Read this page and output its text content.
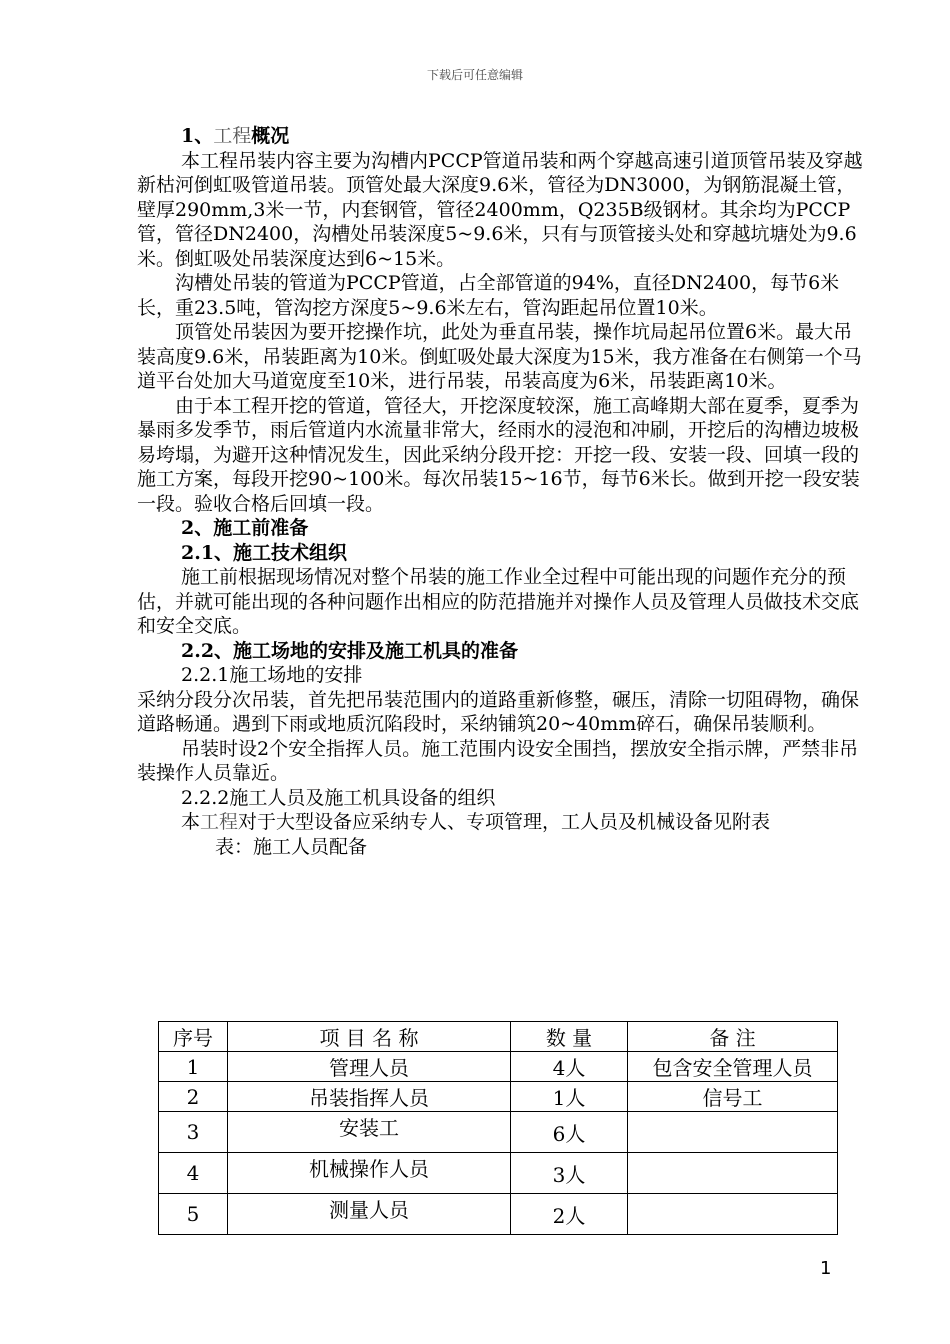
下载后可任意编辑

1、工程概况

本工程吊装内容主要为沟槽内PCCP管道吊装和两个穿越高速引道顶管吊装及穿越新枯河倒虹吸管道吊装。顶管处最大深度9.6米，管径为DN3000，为钢筋混凝土管，壁厚290mm,3米一节，内套钢管，管径2400mm，Q235B级钢材。其余均为PCCP管，管径DN2400，沟槽处吊装深度5~9.6米，只有与顶管接头处和穿越坑塘处为9.6米。倒虹吸处吊装深度达到6~15米。

沟槽处吊装的管道为PCCP管道，占全部管道的94%，直径DN2400，每节6米长，重23.5吨，管沟挖方深度5~9.6米左右，管沟距起吊位置10米。

顶管处吊装因为要开挖操作坑，此处为垂直吊装，操作坑局起吊位置6米。最大吊装高度9.6米，吊装距离为10米。倒虹吸处最大深度为15米，我方准备在右侧第一个马道平台处加大马道宽度至10米，进行吊装，吊装高度为6米，吊装距离10米。

由于本工程开挖的管道，管径大，开挖深度较深，施工高峰期大部在夏季，夏季为暴雨多发季节，雨后管道内水流量非常大，经雨水的浸泡和冲刷，开挖后的沟槽边坡极易垮塌，为避开这种情况发生，因此采纳分段开挖：开挖一段、安装一段、回填一段的施工方案，每段开挖90~100米。每次吊装15~16节，每节6米长。做到开挖一段安装一段。验收合格后回填一段。

2、施工前准备

2.1、施工技术组织

施工前根据现场情况对整个吊装的施工作业全过程中可能出现的问题作充分的预估，并就可能出现的各种问题作出相应的防范措施并对操作人员及管理人员做技术交底和安全交底。

2.2、施工场地的安排及施工机具的准备

2.2.1施工场地的安排

采纳分段分次吊装，首先把吊装范围内的道路重新修整，碾压，清除一切阻碍物，确保道路畅通。遇到下雨或地质沉陷段时，采纳铺筑20~40mm碎石，确保吊装顺利。

吊装时设2个安全指挥人员。施工范围内设安全围挡，摆放安全指示牌，严禁非吊装操作人员靠近。

2.2.2施工人员及施工机具设备的组织

本工程对于大型设备应采纳专人、专项管理，工人员及机械设备见附表

表：施工人员配备

序号	项 目 名 称	数 量	备 注
1	管理人员	4人	包含安全管理人员
2	吊装指挥人员	1人	信号工
3	安装工	6人	
4	机械操作人员	3人	
5	测量人员	2人	
1
